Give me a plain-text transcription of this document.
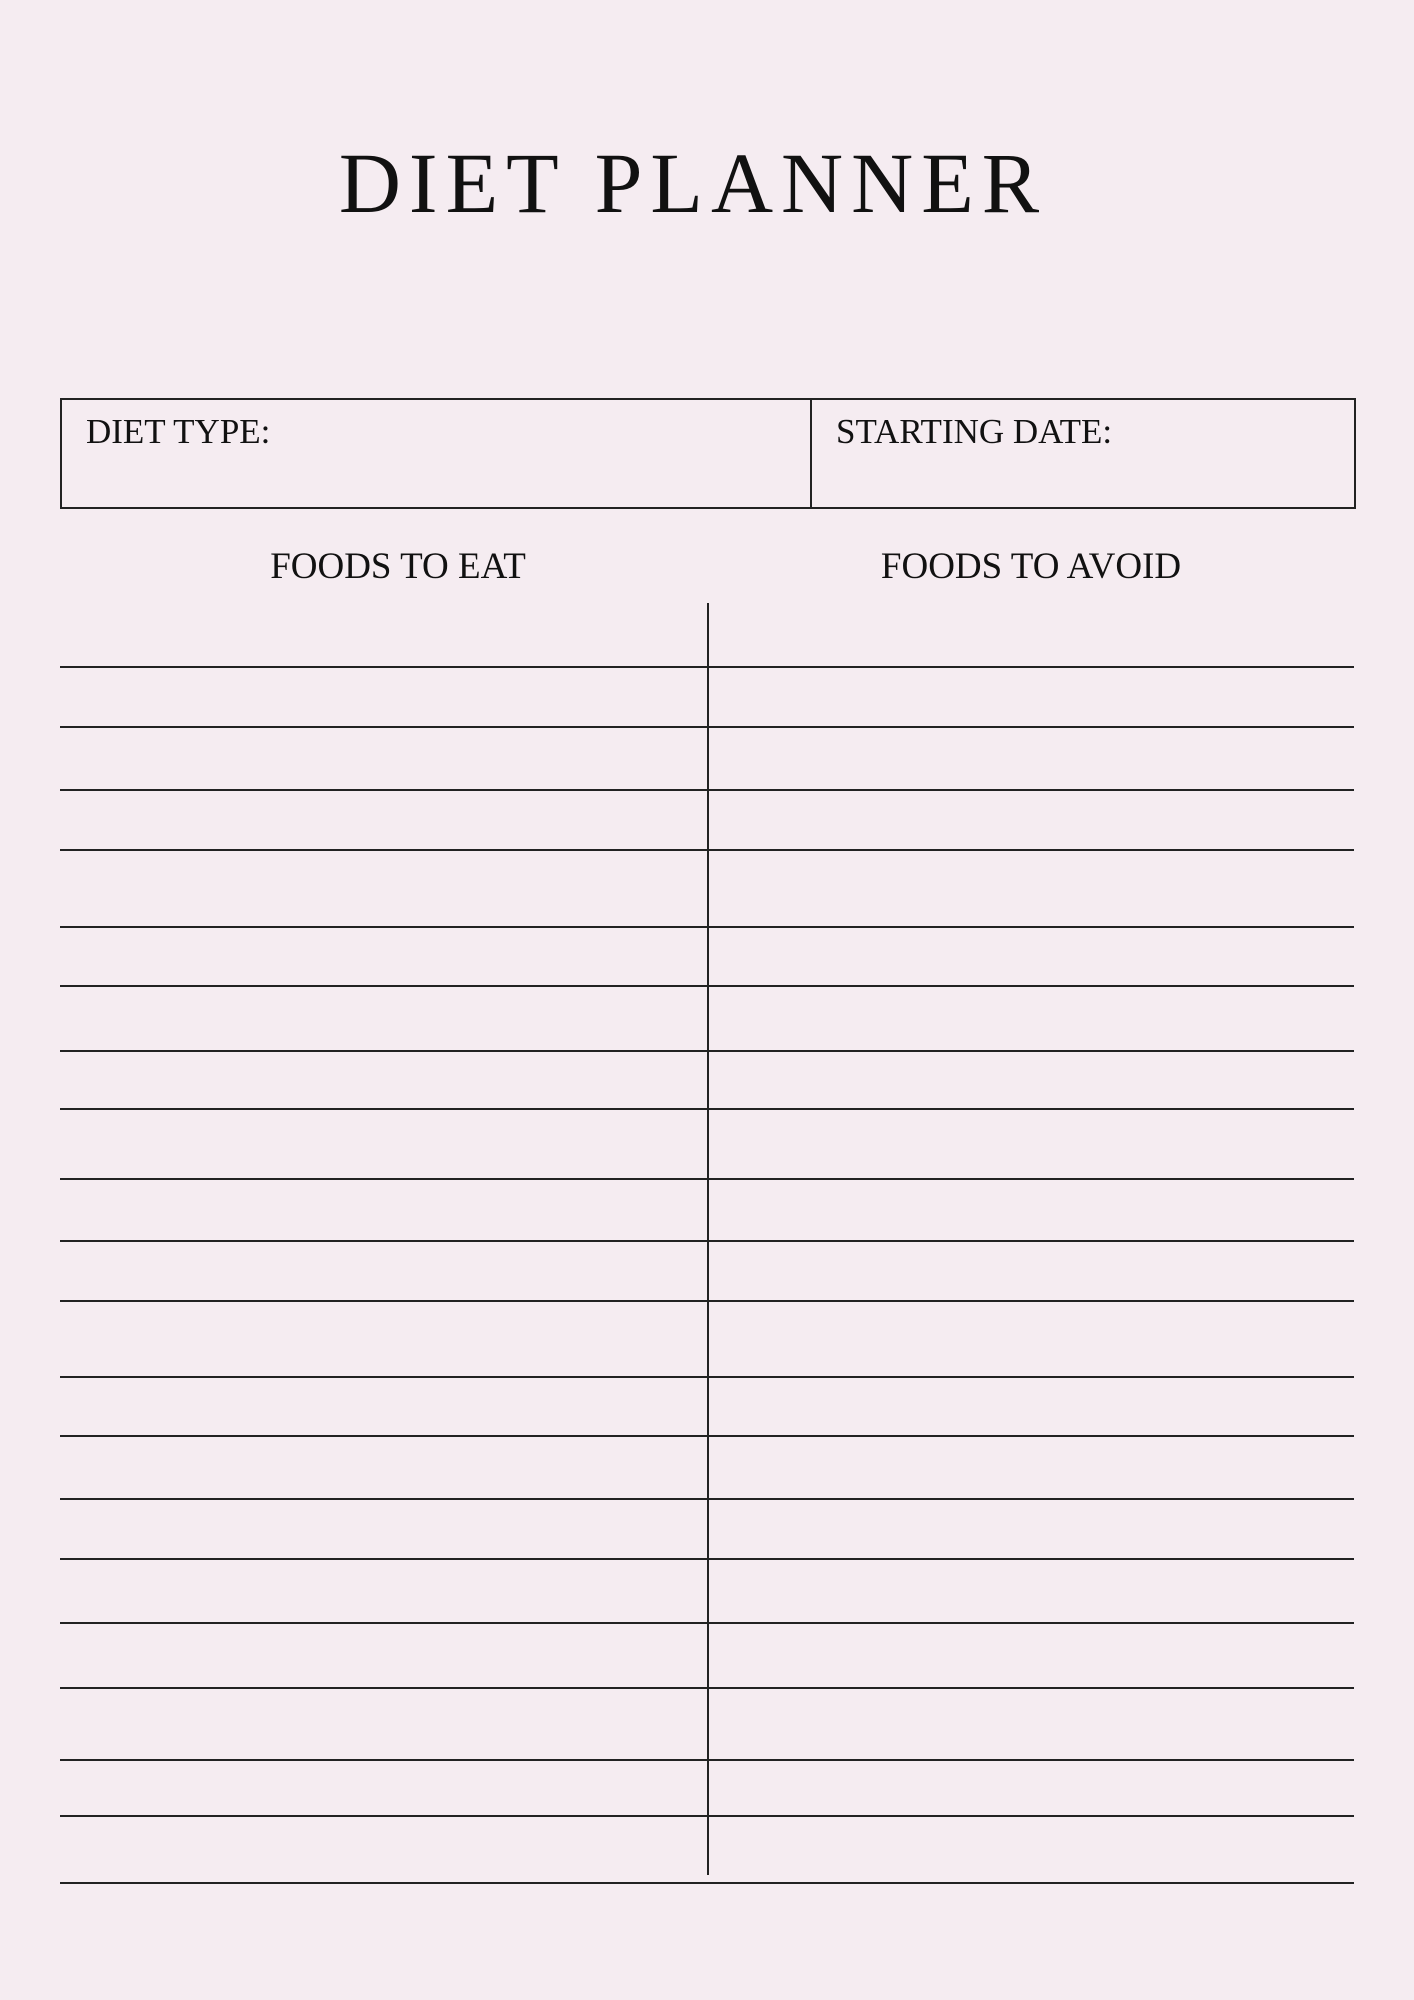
DIET PLANNER
DIET TYPE:	STARTING DATE:
FOODS TO EAT	FOODS TO AVOID
